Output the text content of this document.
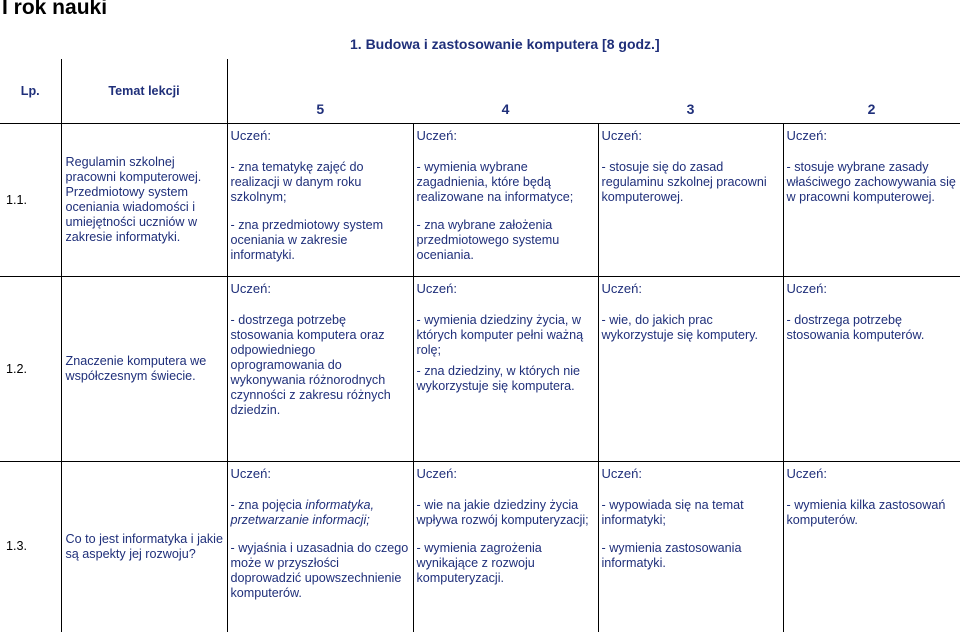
I rok nauki
1. Budowa i zastosowanie komputera [8 godz.]
Lp.	Temat lekcji	5	4	3	2
1.1.	Regulamin szkolnej pracowni komputerowej. Przedmiotowy system oceniania wiadomości i umiejętności uczniów w zakresie informatyki.	Uczeń:
- zna tematykę zajęć do realizacji w danym roku szkolnym;
- zna przedmiotowy system oceniania w zakresie informatyki.	Uczeń:
- wymienia wybrane zagadnienia, które będą realizowane na informatyce;
- zna wybrane założenia przedmiotowego systemu oceniania.	Uczeń:
- stosuje się do zasad regulaminu szkolnej pracowni komputerowej.	Uczeń:
- stosuje wybrane zasady właściwego zachowywania się w pracowni komputerowej.

1.2.	Znaczenie komputera we współczesnym świecie.	Uczeń:
- dostrzega potrzebę stosowania komputera oraz odpowiedniego oprogramowania do wykonywania różnorodnych czynności z zakresu różnych dziedzin.	Uczeń:
- wymienia dziedziny życia, w których komputer pełni ważną rolę;
- zna dziedziny, w których nie wykorzystuje się komputera.	Uczeń:
- wie, do jakich prac wykorzystuje się komputery.	Uczeń:
- dostrzega potrzebę stosowania komputerów.

1.3.	Co to jest informatyka i jakie są aspekty jej rozwoju?	Uczeń:
- zna pojęcia informatyka, przetwarzanie informacji;
- wyjaśnia i uzasadnia do czego może w przyszłości doprowadzić upowszechnienie komputerów.	Uczeń:
- wie na jakie dziedziny życia wpływa rozwój komputeryzacji;
- wymienia zagrożenia wynikające z rozwoju komputeryzacji.	Uczeń:
- wypowiada się na temat informatyki;
- wymienia zastosowania informatyki.	Uczeń:
- wymienia kilka zastosowań komputerów.
